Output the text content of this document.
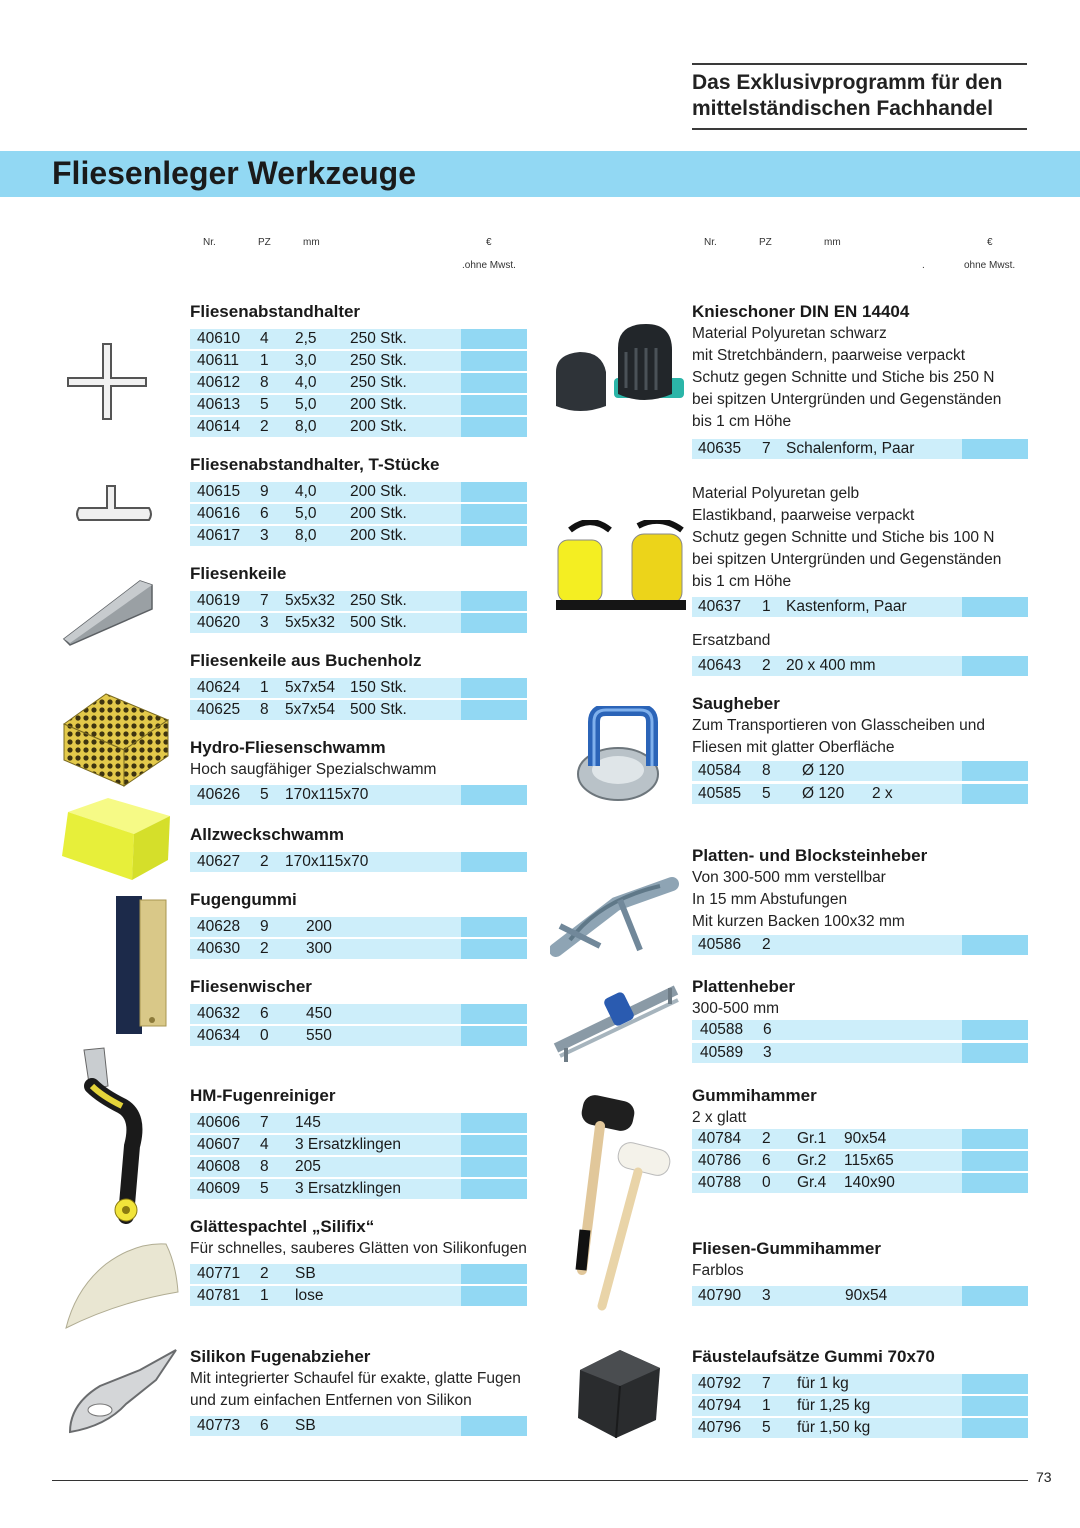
Das Exklusivprogramm für den
mittelständischen Fachhandel
Fliesenleger Werkzeuge
Nr.	PZ	mm	€
.ohne Mwst.
Nr.	PZ	mm	€
.	ohne Mwst.
Fliesenabstandhalter
40610 4 2,5 250 Stk.
40611 1 3,0 250 Stk.
40612 8 4,0 250 Stk.
40613 5 5,0 200 Stk.
40614 2 8,0 200 Stk.
Fliesenabstandhalter, T-Stücke
40615 9 4,0 200 Stk.
40616 6 5,0 200 Stk.
40617 3 8,0 200 Stk.
Fliesenkeile
40619 7 5x5x32 250 Stk.
40620 3 5x5x32 500 Stk.
Fliesenkeile aus Buchenholz
40624 1 5x7x54 150 Stk.
40625 8 5x7x54 500 Stk.
Hydro-Fliesenschwamm
Hoch saugfähiger Spezialschwamm
40626 5 170x115x70
Allzweckschwamm
40627 2 170x115x70
Fugengummi
40628 9 200
40630 2 300
Fliesenwischer
40632 6 450
40634 0 550
HM-Fugenreiniger
40606 7 145
40607 4 3 Ersatzklingen
40608 8 205
40609 5 3 Ersatzklingen
Glättespachtel „Silifix“
Für schnelles, sauberes Glätten von Silikonfugen
40771 2 SB
40781 1 lose
Silikon Fugenabzieher
Mit integrierter Schaufel für exakte, glatte Fugen
und zum einfachen Entfernen von Silikon
40773 6 SB
Knieschoner DIN EN 14404
Material Polyuretan schwarz
mit Stretchbändern, paarweise verpackt
Schutz gegen Schnitte und Stiche bis 250 N
bei spitzen Untergründen und Gegenständen
bis 1 cm Höhe
40635 7 Schalenform, Paar
Material Polyuretan gelb
Elastikband, paarweise verpackt
Schutz gegen Schnitte und Stiche bis 100 N
bei spitzen Untergründen und Gegenständen
bis 1 cm Höhe
40637 1 Kastenform, Paar
Ersatzband
40643 2 20 x 400 mm
Saugheber
Zum Transportieren von Glasscheiben und
Fliesen mit glatter Oberfläche
40584 8 Ø 120
40585 5 Ø 120 2 x
Platten- und Blocksteinheber
Von 300-500 mm verstellbar
In 15 mm Abstufungen
Mit kurzen Backen 100x32 mm
40586 2
Plattenheber
300-500 mm
40588 6
40589 3
Gummihammer
2 x glatt
40784 2 Gr.1 90x54
40786 6 Gr.2 115x65
40788 0 Gr.4 140x90
Fliesen-Gummihammer
Farblos
40790 3	90x54
Fäustelaufsätze Gummi 70x70
40792 7 für 1 kg
40794 1 für 1,25 kg
40796 5 für 1,50 kg
73
